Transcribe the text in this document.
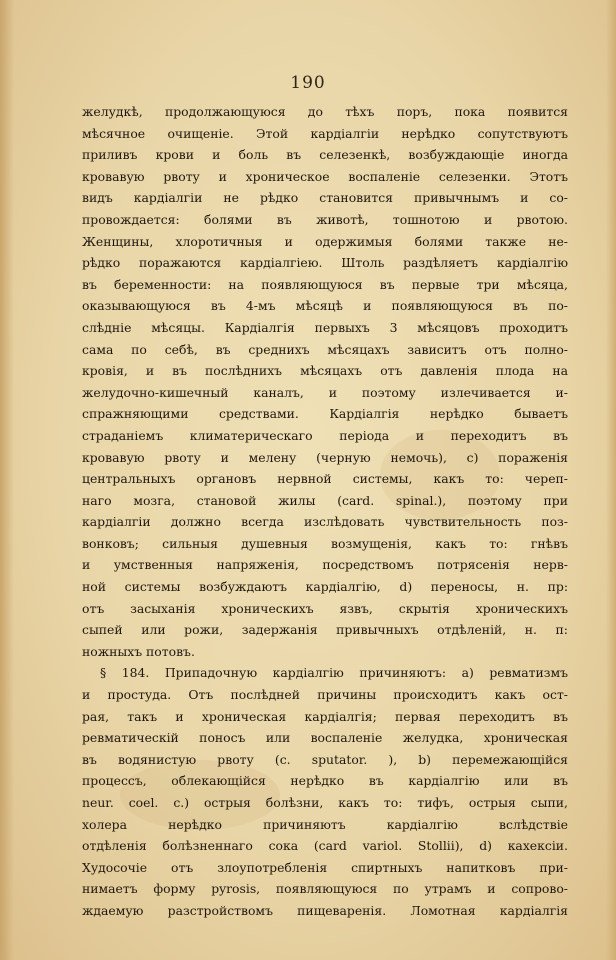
190
желудкѣ, продолжающуюся до тѣхъ поръ, пока появится
мѣсячное очищеніе. Этой кардіалгіи нерѣдко сопутствуютъ
приливъ крови и боль въ селезенкѣ, возбуждающіе иногда
кровавую рвоту и хроническое воспаленіе селезенки. Этотъ
видъ кардіалгіи не рѣдко становится привычнымъ и со-
провождается: болями въ животѣ, тошнотою и рвотою.
Женщины, хлоротичныя и одержимыя болями также не-
рѣдко поражаются кардіалгіею. Штоль раздѣляетъ кардіалгію
въ беременности: на появляющуюся въ первые три мѣсяца,
оказывающуюся въ 4-мъ мѣсяцѣ и появляющуюся въ по-
слѣдніе мѣсяцы. Кардіалгія первыхъ 3 мѣсяцовъ проходитъ
сама по себѣ, въ среднихъ мѣсяцахъ зависитъ отъ полно-
кровія, и въ послѣднихъ мѣсяцахъ отъ давленія плода на
желудочно-кишечный каналъ, и поэтому излечивается и-
спражняющими средствами. Кардіалгія нерѣдко бываетъ
страданіемъ климатерическаго періода и переходитъ въ
кровавую рвоту и мелену (черную немочь), c) пораженія
центральныхъ органовъ нервной системы, какъ то: череп-
наго мозга, становой жилы (card. spinal.), поэтому при
кардіалгіи должно всегда изслѣдовать чувствительность поз-
вонковъ; сильныя душевныя возмущенія, какъ то: гнѣвъ
и умственныя напряженія, посредствомъ потрясенія нерв-
ной системы возбуждаютъ кардіалгію, d) переносы, н. пр:
отъ засыханія хроническихъ язвъ, скрытія хроническихъ
сыпей или рожи, задержанія привычныхъ отдѣленій, н. п:
ножныхъ потовъ.
§ 184. Припадочную кардіалгію причиняютъ: a) ревматизмъ
и простуда. Отъ послѣдней причины происходитъ какъ ост-
рая, такъ и хроническая кардіалгія; первая переходитъ въ
ревматическій поносъ или воспаленіе желудка, хроническая
въ водянистую рвоту (c. sputator. ), b) перемежающійся
процессъ, облекающійся нерѣдко въ кардіалгію или въ
neur. coel. c.) острыя болѣзни, какъ то: тифъ, острыя сыпи,
холера нерѣдко причиняютъ кардіалгію вслѣдствіе
отдѣленія болѣзненнаго сока (card variol. Stollii), d) кахексіи.
Худосочіе отъ злоупотребленія спиртныхъ напитковъ при-
нимаетъ форму pyrosis, появляющуюся по утрамъ и сопрово-
ждаемую разстройствомъ пищеваренія. Ломотная кардіалгія
